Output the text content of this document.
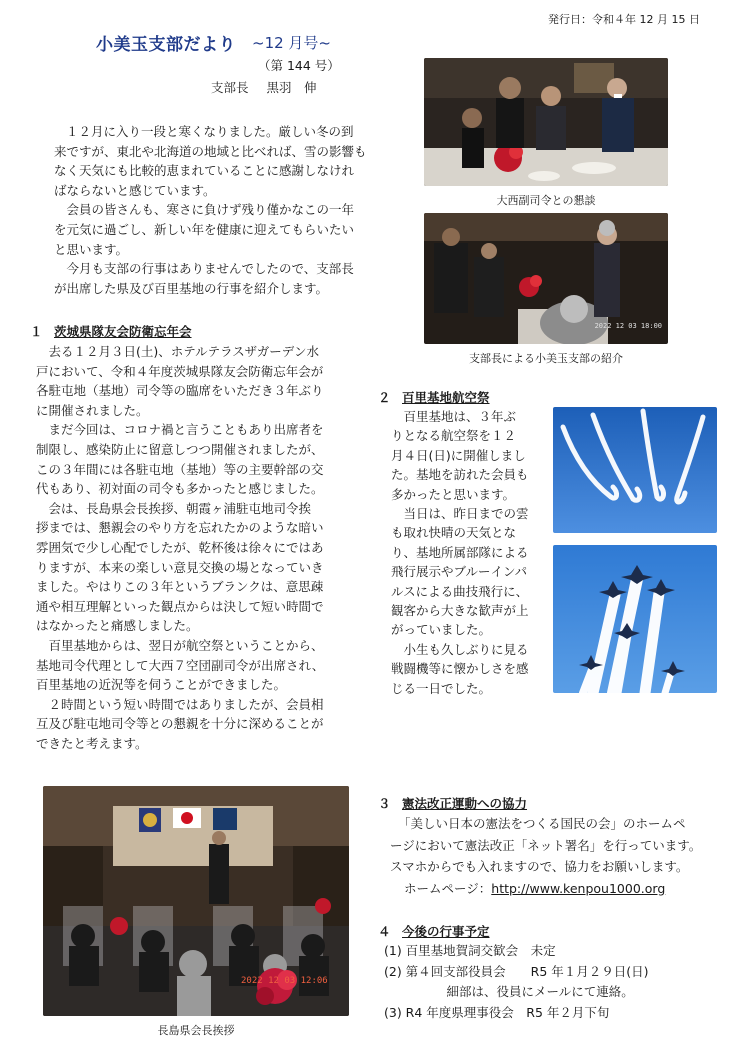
発行日：令和４年 12 月 15 日
小美玉支部だより ~12 月号~
（第 144 号）
支部長 黒羽　伸
１２月に入り一段と寒くなりました。厳しい冬の到
来ですが、東北や北海道の地域と比べれば、雪の影響も
なく天気にも比較的恵まれていることに感謝しなけれ
ばならないと感じています。
　会員の皆さんも、寒さに負けず残り僅かなこの一年
を元気に過ごし、新しい年を健康に迎えてもらいたい
と思います。
　今月も支部の行事はありませんでしたので、支部長
が出席した県及び百里基地の行事を紹介します。
１ 茨城県隊友会防衛忘年会
　去る１２月３日(土)、ホテルテラスザガーデン水
戸において、令和４年度茨城県隊友会防衛忘年会が
各駐屯地（基地）司令等の臨席をいただき３年ぶり
に開催されました。
　まだ今回は、コロナ禍と言うこともあり出席者を
制限し、感染防止に留意しつつ開催されましたが、
この３年間には各駐屯地（基地）等の主要幹部の交
代もあり、初対面の司令も多かったと感じました。
　会は、長島県会長挨拶、朝霞ヶ浦駐屯地司令挨
拶までは、懇親会のやり方を忘れたかのような暗い
雰囲気で少し心配でしたが、乾杯後は徐々にではあ
りますが、本来の楽しい意見交換の場となっていき
ました。やはりこの３年というブランクは、意思疎
通や相互理解といった観点からは決して短い時間で
はなかったと痛感しました。
　百里基地からは、翌日が航空祭ということから、
基地司令代理として大西７空団副司令が出席され、
百里基地の近況等を伺うことができました。
　２時間という短い時間ではありましたが、会員相
互及び駐屯地司令等との懇親を十分に深めることが
できたと考えます。
大西副司令との懇談
2022 12 03 18:00
支部長による小美玉支部の紹介
２ 百里基地航空祭
　百里基地は、３年ぶ
りとなる航空祭を１２
月４日(日)に開催しまし
た。基地を訪れた会員も
多かったと思います。
　当日は、昨日までの雲
も取れ快晴の天気とな
り、基地所属部隊による
飛行展示やブルーインパ
ルスによる曲技飛行に、
観客から大きな歓声が上
がっていました。
　小生も久しぶりに見る
戦闘機等に懐かしさを感
じる一日でした。
2022 12 03 12:06
長島県会長挨拶
３ 憲法改正運動への協力
「美しい日本の憲法をつくる国民の会」のホームペ
ージにおいて憲法改正「ネット署名」を行っています。
スマホからでも入れますので、協力をお願いします。
ホームページ：http://www.kenpou1000.org
４ 今後の行事予定
(1) 百里基地賀詞交歓会　未定
(2) 第４回支部役員会　　R5 年１月２９日(日)
　　　　　細部は、役員にメールにて連絡。
(3) R4 年度県理事役会　R5 年２月下旬
